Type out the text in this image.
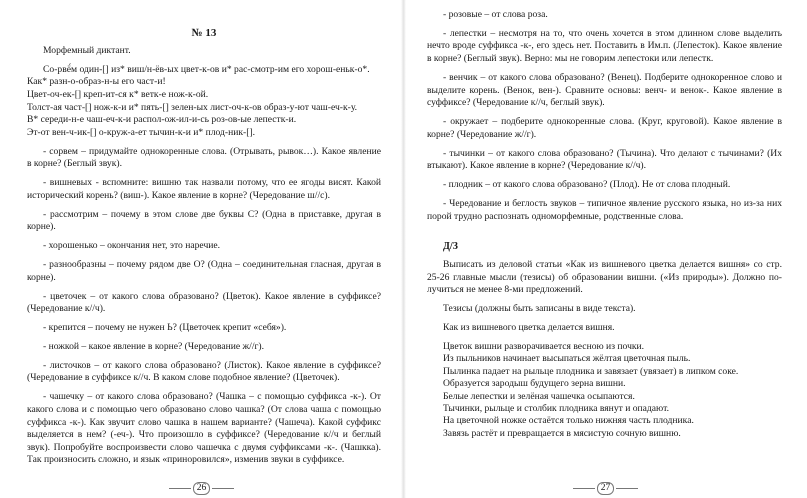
№ 13

Морфемный диктант.

Со-рвё́м один-[] из* виш/н-ёв-ых цвет-к-ов и* рас-смотр-им его хорош-еньк-о*.

Как* разн-о-образ-н-ы его част-и!

Цвет-оч-ек-[] креп-ит-ся к* ветк-е нож-к-ой.

Толст-ая част-[] нож-к-и и* пять-[] зелен-ых лист-оч-к-ов образ-у-ют чаш-еч-к-у.

В* середи-н-е чаш-еч-к-и распол-ож-ил-и-сь роз-ов-ые лепестк-и.

Эт-от вен-ч-ик-[] о-круж-а-ет тычин-к-и и* плод-ник-[].

- сорвем – придумайте однокоренные слова. (Отрывать, рывок…). Какое явление в корне? (Беглый звук).

- вишневых - вспомните: вишню так назвали потому, что ее ягоды висят. Какой исторический корень? (виш-). Какое явление в корне? (Чередование ш//с).

- рассмотрим – почему в этом слове две буквы С? (Одна в приставке, другая в корне).

- хорошенько – окончания нет, это наречие.

- разнообразны – почему рядом две О? (Одна – соединительная гласная, другая в корне).

- цветочек – от какого слова образовано? (Цветок). Какое явление в суффиксе? (Чередование к//ч).

- крепится – почему не нужен Ь? (Цветочек крепит «себя»).

- ножкой – какое явление в корне? (Чередование ж//г).

- листочков – от какого слова образовано? (Листок). Какое явление в суффиксе? (Чередование в суффиксе к//ч. В каком слове подобное явление? (Цветочек).

- чашечку – от какого слова образовано? (Чашка – с помощью суффикса -к-). От какого слова и с помощью чего образовано слово чашка? (От слова чаша с помощью суффикса -к-). Как звучит слово чашка в нашем варианте? (Чашеча). Какой суффикс выделяется в нем? (-еч-). Что произошло в суффиксе? (Чередование к//ч и беглый звук). Попробуйте воспроизвести слово чашечка с двумя суффиксами -к-. (Чашкка). Так произносить сложно, и язык «приноровился», изменив звуки в суффиксе.

- розовые – от слова роза.

- лепестки – несмотря на то, что очень хочется в этом длинном слове выделить нечто вроде суффикса -к-, его здесь нет. Поставить в Им.п. (Лепесток). Какое явление в корне? (Беглый звук). Верно: мы не говорим лепестоки или лепестк.

- венчик – от какого слова образовано? (Венец). Подберите однокоренное слово и выделите корень. (Венок, вен-). Сравните основы: венч- и венок-. Какое явление в суффиксе? (Чередование к//ч, беглый звук).

- окружает – подберите однокоренные слова. (Круг, круговой). Какое явление в корне? (Чередование ж//г).

- тычинки – от какого слова образовано? (Тычина). Что делают с тычинами? (Их втыкают). Какое явление в корне? (Чередование к//ч).

- плодник – от какого слова образовано? (Плод). Не от слова плодный.

- Чередование и беглость звуков – типичное явление русского языка, но из-за них порой трудно распознать одноморфемные, родственные слова.

Д/З

Выписать из деловой статьи «Как из вишневого цветка делается вишня» со стр. 25-26 главные мысли (тезисы) об образовании вишни. («Из природы»). Должно по-лучиться не менее 8-ми предложений.

Тезисы (должны быть записаны в виде текста).

Как из вишневого цветка делается вишня.

Цветок вишни разворачивается весною из почки.

Из пыльников начинает высыпаться жёлтая цветочная пыль.

Пылинка падает на рыльце плодника и завязает (увязает) в липком соке.

Образуется зародыш будущего зерна вишни.

Белые лепестки и зелёная чашечка осыпаются.

Тычинки, рыльце и столбик плодника вянут и опадают.

На цветочной ножке остаётся только нижняя часть плодника.

Завязь растёт и превращается в мясистую сочную вишню.

26	27
